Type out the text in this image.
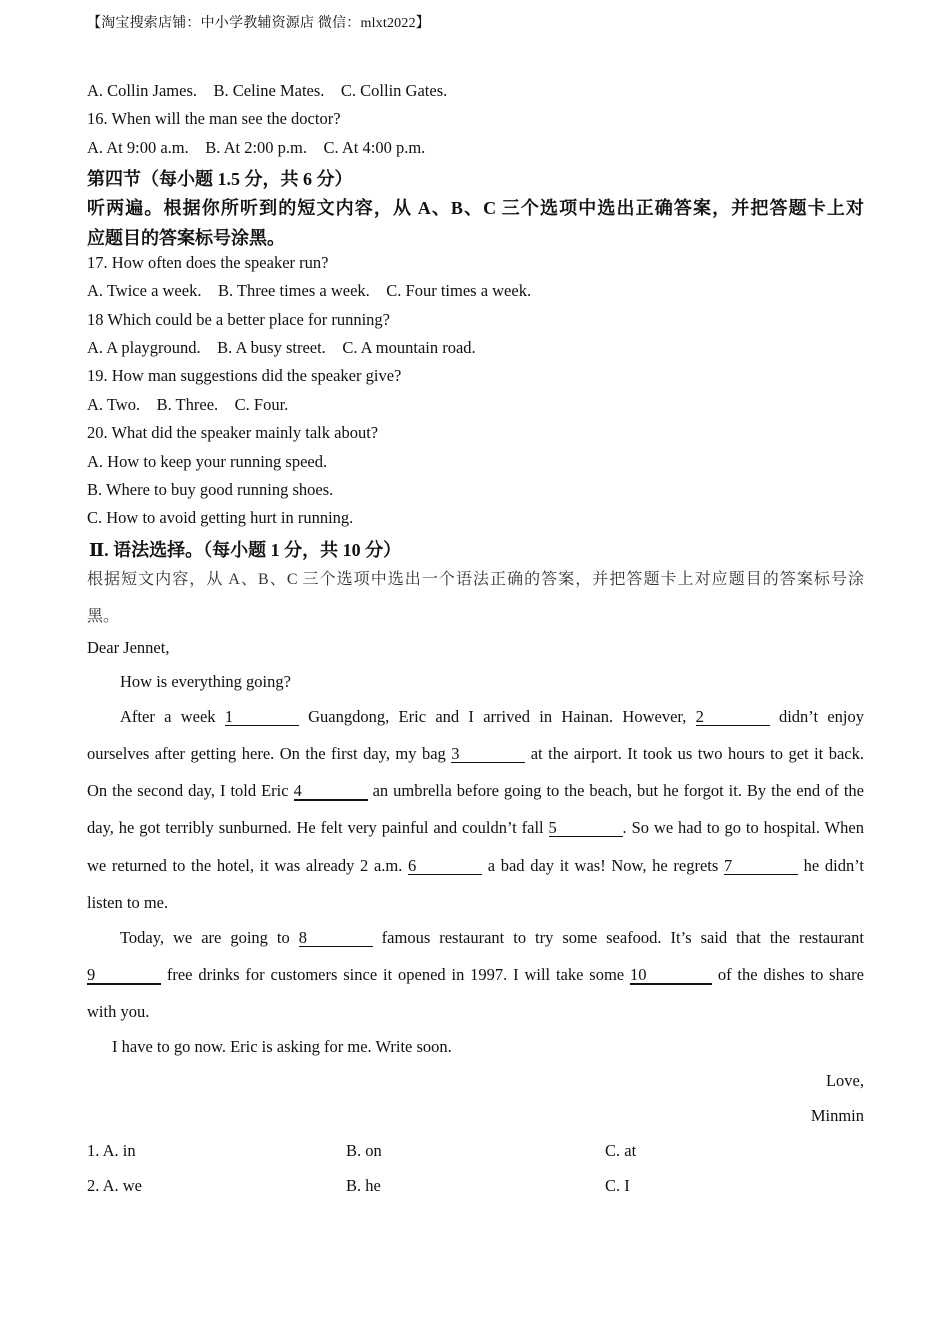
【淘宝搜索店铺：中小学教辅资源店 微信：mlxt2022】
A. Collin James. B. Celine Mates. C. Collin Gates.
16. When will the man see the doctor?
A. At 9:00 a.m. B. At 2:00 p.m. C. At 4:00 p.m.
第四节（每小题 1.5 分，共 6 分）
听两遍。根据你所听到的短文内容，从 A、B、C 三个选项中选出正确答案，并把答题卡上对
应题目的答案标号涂黑。
17. How often does the speaker run?
A. Twice a week. B. Three times a week. C. Four times a week.
18 Which could be a better place for running?
A. A playground. B. A busy street. C. A mountain road.
19. How man suggestions did the speaker give?
A. Two. B. Three. C. Four.
20. What did the speaker mainly talk about?
A. How to keep your running speed.
B. Where to buy good running shoes.
C. How to avoid getting hurt in running.
Ⅱ. 语法选择。（每小题 1 分，共 10 分）
根据短文内容，从 A、B、C 三个选项中选出一个语法正确的答案，并把答题卡上对应题目的答案标号涂
黑。
Dear Jennet,
How is everything going?
After a week 1	Guangdong, Eric and I arrived in Hainan. However, 2	didn’t enjoy
ourselves after getting here. On the first day, my bag 3	at the airport. It took us two hours to get it back.
On the second day, I told Eric 4	an umbrella before going to the beach, but he forgot it. By the end of the
day, he got terribly sunburned. He felt very painful and couldn’t fall 5	. So we had to go to hospital. When
we returned to the hotel, it was already 2 a.m. 6	a bad day it was! Now, he regrets 7	he didn’t
listen to me.
Today, we are going to 8	famous restaurant to try some seafood. It’s said that the restaurant
9	free drinks for customers since it opened in 1997. I will take some 10	of the dishes to share
with you.
I have to go now. Eric is asking for me. Write soon.
Love,
Minmin
1. A. in	B. on	C. at
2. A. we	B. he	C. I
